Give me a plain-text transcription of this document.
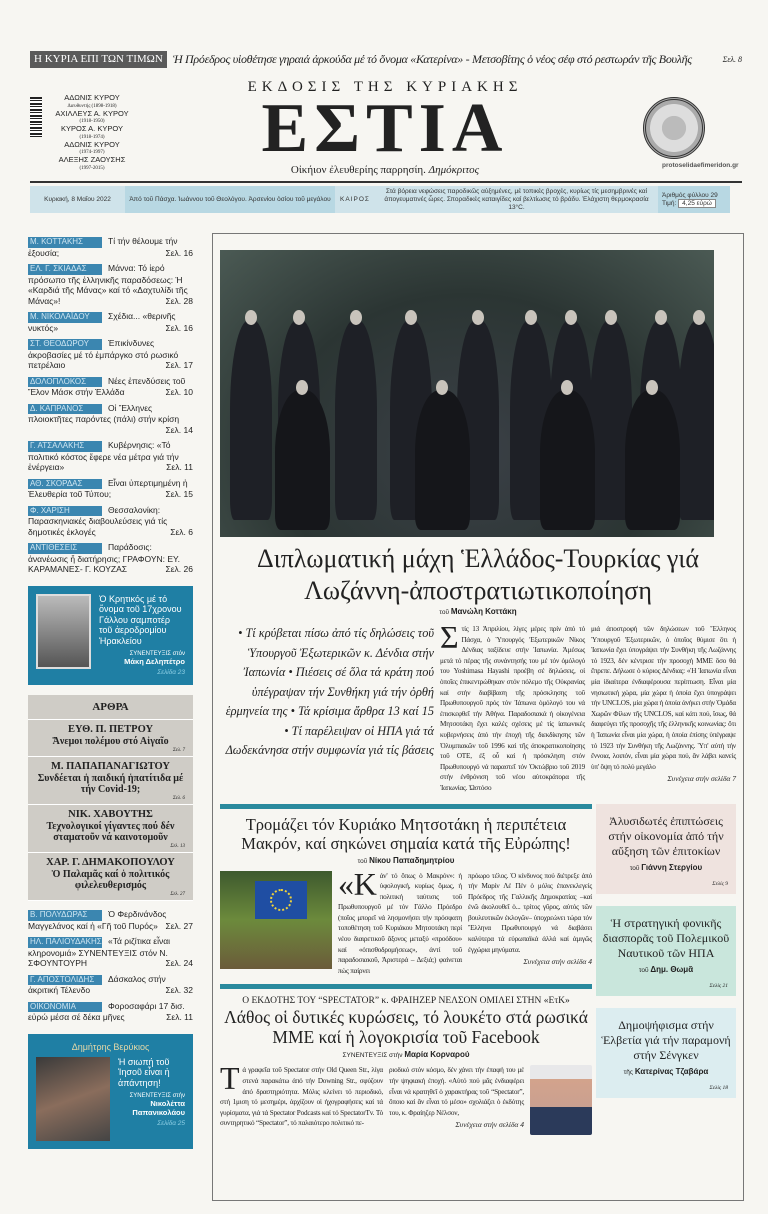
Η ΚΥΡΙΑ ΕΠΙ ΤΩΝ ΤΙΜΩΝ Ἡ Πρόεδρος υἱοθέτησε γηραιά ἀρκούδα μέ τό ὄνομα «Κατερίνα» - Μετσοβίτης ὁ νέος σέφ στό ρεστωράν τῆς Βουλῆς	Σελ. 8
ΑΔΩΝΙΣ ΚΥΡΟΥ
Διευθυντής (1898-1918)
ΑΧΙΛΛΕΥΣ Α. ΚΥΡΟΥ
(1918-1950)
ΚΥΡΟΣ Α. ΚΥΡΟΥ
(1918-1974)
ΑΔΩΝΙΣ ΚΥΡΟΥ
(1974-1997)
ΑΛΕΞΗΣ ΖΑΟΥΣΗΣ
(1997-2015)
ΕΚΔΟΣΙΣ ΤΗΣ ΚΥΡΙΑΚΗΣ
ΕΣΤΙΑ
Οἰκήιον ἐλευθερίης παρρησίη. Δημόκριτος	protoselidaefimeridon.gr
Κυριακή, 8 Μαΐου 2022	Ἀπό τοῦ Πάσχα. Ἰωάννου τοῦ Θεολόγου. Ἀρσενίου ὁσίου τοῦ μεγάλου	ΚΑΙΡΟΣ
Στά βόρεια νεφώσεις παροδικῶς αὐξημένες, μέ τοπικές βροχές, κυρίως τίς μεσημβρινές καί ἀπογευματινές ὧρες. Σποραδικές καταιγίδες καί βελτίωσις τό βράδυ. Ἐλάχιστη θερμοκρασία 13°C.
Ἀριθμός φύλλου 29
Τιμή: 4,25 εὐρώ
Μ. ΚΟΤΤΑΚΗΣ	Τί τήν θέλουμε τήν ἐξουσία;	Σελ. 16
ΕΛ. Γ. ΣΚΙΑΔΑΣ	Μάννα: Τό ἱερό πρόσωπο τῆς ἑλληνικῆς παραδόσεως: Ἡ «Καρδιά τῆς Μάνας» καί τό «Δαχτυλίδι τῆς Μάνας»!	Σελ. 28
Μ. ΝΙΚΟΛΑΪΔΟΥ Σχέδια... «θερινῆς νυκτός»	Σελ. 16
ΣΤ. ΘΕΟΔΩΡΟΥ Ἐπικίνδυνες ἀκροβασίες μέ τό ἐμπάργκο στό ρωσικό πετρέλαιο	Σελ. 17
ΔΟΛΟΠΛΟΚΟΣ	Νέες ἐπενδύσεις τοῦ Ἔλον Μάσκ στήν Ἑλλάδα	Σελ. 10
Δ. ΚΑΠΡΑΝΟΣ	Οἱ Ἕλληνες πλοιοκτῆτες παρόντες (πάλι) στήν κρίση
Σελ. 14
Γ. ΑΤΣΑΛΑΚΗΣ	Κυβέρνησις: «Τό πολιτικό κόστος ἔφερε νέα μέτρα γιά τήν ἐνέργεια»	Σελ. 11
ΑΘ. ΣΚΟΡΔΑΣ	Εἶναι ὑπερτιμημένη ἡ Ἐλευθερία τοῦ Τύπου;	Σελ. 15
Φ. ΧΑΡΙΣΗ	Θεσσαλονίκη: Παρασκηνιακές διαβουλεύσεις γιά τίς δημοτικές ἐκλογές	Σελ. 6
ΑΝΤΙΘΕΣΕΙΣ	Παράδοσις: ἀνανέωσις ἤ διατήρησις; ΓΡΑΦΟΥΝ: ΕΥ. ΚΑΡΑΜΑΝΕΣ- Γ. ΚΟΥΖΑΣ	Σελ. 26
Ὁ Κρητικός μέ τό ὄνομα τοῦ 17χρονου Γάλλου σαμποτέρ τοῦ ἀεροδρομίου Ἡρακλείου
ΣΥΝΕΝΤΕΥΞΙΣ στόν
Μάκη Δεληπέτρο
Σελίδα 23
ΑΡΘΡΑ
ΕΥΘ. Π. ΠΕΤΡΟΥ
Ἄνεμοι πολέμου στό Αἰγαῖο
Σελ. 7
Μ. ΠΑΠΑΠΑΝΑΓΙΩΤΟΥ
Συνδέεται ἡ παιδική ἡπατίτιδα μέ τήν Covid-19;
Σελ. 6
ΝΙΚ. ΧΑΒΟΥΤΗΣ
Τεχνολογικοί γίγαντες πού δέν σταματοῦν νά καινοτομοῦν
Σελ. 13
ΧΑΡ. Γ. ΔΗΜΑΚΟΠΟΥΛΟΥ
Ὁ Παλαμᾶς καί ὁ πολιτικός φιλελευθερισμός
Σελ. 27
Β. ΠΟΛΥΔΩΡΑΣ Ὁ Φερδινάνδος Μαγγελάνος καί ἡ «Γῆ τοῦ Πυρός» Σελ. 27
ΗΛ. ΠΑΛΙΟΥΔΑΚΗΣ «Τά ριζίτικα εἶναι κληρονομιά» ΣΥΝΕΝΤΕΥΞΙΣ στόν Ν. ΣΦΟΥΝΤΟΥΡΗ	Σελ. 24
Γ. ΑΠΟΣΤΟΛΙΔΗΣ Δάσκαλος στήν ἀκριτική Τέλενδο	Σελ. 32
ΟΙΚΟΝΟΜΙΑ	Φοροσαφάρι 17 δισ. εὐρώ μέσα σέ δέκα μῆνες	Σελ. 11
Δημήτρης Βερύκιος
Ἡ σιωπή τοῦ Ἰησοῦ εἶναι ἡ ἀπάντηση!
ΣΥΝΕΝΤΕΥΞΙΣ στήν
Νικολέττα Παπανικολάου
Σελίδα 25
Διπλωματική μάχη Ἑλλάδος-Τουρκίας γιά Λωζάννη-ἀποστρατιωτικοποίηση
τοῦ Μανώλη Κοττάκη
• Τί κρύβεται πίσω ἀπό τίς δηλώσεις τοῦ Ὑπουργοῦ Ἐξωτερικῶν κ. Δένδια στήν Ἰαπωνία • Πιέσεις σέ ὅλα τά κράτη πού ὑπέγραψαν τήν Συνθήκη γιά τήν ὀρθή ἑρμηνεία της • Τά κρίσιμα ἄρθρα 13 καί 15 • Τί παρέλειψαν οἱ ΗΠΑ γιά τά Δωδεκάνησα στήν συμφωνία γιά τίς βάσεις
Στίς 13 Ἀπριλίου, λίγες μέρες πρίν ἀπό τό Πάσχα, ὁ Ὑπουργός Ἐξωτερικῶν Νίκος Δένδιας ταξίδευε στήν Ἰαπωνία. Ἀμέσως μετά τό πέρας τῆς συνάντησής του μέ τόν ὁμόλογό του Yoshimasa Hayashi προέβη σέ δηλώσεις, οἱ ὁποῖες ἐπικεντρώθηκαν στόν πόλεμο τῆς Οὐκρανίας καί στήν διαβίβαση τῆς πρόσκλησης τοῦ Πρωθυπουργοῦ πρός τόν Ἰάπωνα ὁμόλογό του νά ἐπισκεφθεῖ τήν Ἀθήνα. Παραδοσιακά ἡ οἰκογένεια Μητσοτάκη ἔχει καλές σχέσεις μέ τίς ἰαπωνικές κυβερνήσεις ἀπό τήν ἐποχή τῆς διεκδίκησης τῶν Ὀλυμπιακῶν τοῦ 1996 καί τῆς ἀποκρατικοποίησης τοῦ ΟΤΕ, ἐξ οὗ καί ἡ πρόσκληση στόν Πρωθυπουργό νά παραστεῖ τόν Ὀκτώβριο τοῦ 2019 στήν ἐνθρόνιση τοῦ νέου αὐτοκράτορα τῆς Ἰαπωνίας. Ὡστόσο
μιά ἀποστροφή τῶν δηλώσεων τοῦ Ἕλληνος Ὑπουργοῦ Ἐξωτερικῶν, ὁ ὁποῖος θύμισε ὅτι ἡ Ἰαπωνία ἔχει ὑπογράψει τήν Συνθήκη τῆς Λωζάννης τό 1923, δέν κέντρισε τήν προσοχή ΜΜΕ ὅσο θά ἔπρεπε. Δήλωσε ὁ κύριος Δένδιας: «Ἡ Ἰαπωνία εἶναι μία ἰδιαίτερα ἐνδιαφέρουσα περίπτωση. Εἶναι μία νησιωτική χώρα, μία χώρα ἡ ὁποία ἔχει ὑπογράψει τήν UNCLOS, μία χώρα ἡ ὁποία ἀνήκει στήν Ὁμάδα Χωρῶν Φίλων τῆς UNCLOS, καί κάτι πού, ἴσως, θά διαφεύγει τῆς προσοχῆς τῆς ἑλληνικῆς κοινωνίας: ὅτι ἡ Ἰαπωνία εἶναι μία χώρα, ἡ ὁποία ἐπίσης ὑπέγραψε τό 1923 τήν Συνθήκη τῆς Λωζάννης. Ὑπ' αὐτή τήν ἔννοια, λοιπόν, εἶναι μία χώρα πού, ἄν λάβει κανείς ὑπ' ὄψη τό πολύ μεγάλο
Συνέχεια στήν σελίδα 7
Τρομάζει τόν Κυριάκο Μητσοτάκη ἡ περιπέτεια Μακρόν, καί σηκώνει σημαία κατά τῆς Εὐρώπης!
τοῦ Νίκου Παπαδημητρίου
«Κάν' τό ὅπως ὁ Μακρόν»: ἡ ὑφολογική, κυρίως ὅμως, ἡ πολιτική ταύτισις τοῦ Πρωθυπουργοῦ μέ τόν Γάλλο Πρόεδρο (ποῖος μπορεῖ νά λησμονήσει τήν πρόσφατη τοποθέτηση τοῦ Κυριάκου Μητσοτάκη περί νέου διαιρετικοῦ ἄξονος μεταξύ «προόδου» καί «ὀπισθοδρομήσεως», ἀντί τοῦ παραδοσιακοῦ, Ἀριστερά – Δεξιά;) φαίνεται πώς παίρνει
πρόωρο τέλος. Ὁ κίνδυνος πού διέτρεξε ἀπό τήν Μαρίν Λέ Πέν ὁ μόλις ἐπανεκλεγείς Πρόεδρος τῆς Γαλλικῆς Δημοκρατίας –καί ἐνῶ ἀκολουθεῖ ὁ... τρίτος γῦρος, αὐτός τῶν βουλευτικῶν ἐκλογῶν– ὑποχρεώνει τώρα τόν Ἕλληνα Πρωθυπουργό νά διαβάσει καλύτερα τά εὐρωπαϊκά ἀλλά καί ἀμιγῶς ἐγχώρια μηνύματα.
Συνέχεια στήν σελίδα 4
Ο ΕΚΔΟΤΗΣ ΤΟΥ “SPECTATOR” κ. ΦΡΑΙΗΖΕΡ ΝΕΛΣΟΝ ΟΜΙΛΕΙ ΣΤΗΝ «ΕτΚ»
Λάθος οἱ δυτικές κυρώσεις, τό λουκέτο στά ρωσικά ΜΜΕ καί ἡ λογοκρισία τοῦ Facebook
ΣΥΝΕΝΤΕΥΞΙΣ στήν Μαρία Κορναρού
Τά γραφεῖα τοῦ Spectator στήν Old Queen Str., λίγα στενά παρακάτω ἀπό τήν Downing Str., σφύζουν ἀπό δραστηριότητα. Μόλις κλείνει τό περιοδικό, στή 1μιση τό μεσημέρι, ἀρχίζουν οἱ ἠχογραφήσεις καί τά γυρίσματα, γιά τά Spectator Podcasts καί τό SpectatorTv. Τό συντηρητικό “Spectator”, τό παλαιότερο πολιτικό πε-
ριοδικό στόν κόσμο, δέν χάνει τήν ἐπαφή του μέ τήν ψηφιακή ἐποχή. «Αὐτό πού μᾶς ἐνδιαφέρει εἶναι νά κρατηθεῖ ὁ χαρακτήρας τοῦ “Spectator”, ὅποιο καί ἄν εἶναι τό μέσο» σχολιάζει ὁ ἐκδότης του, κ. Φραίηζερ Νέλσον,
Συνέχεια στήν σελίδα 4
Ἀλυσιδωτές ἐπιπτώσεις στήν οἰκονομία ἀπό τήν αὔξηση τῶν ἐπιτοκίων
τοῦ Γιάννη Στεργίου
Σελίς 9
Ἡ στρατηγική φονικῆς διασπορᾶς τοῦ Πολεμικοῦ Ναυτικοῦ τῶν ΗΠΑ
τοῦ Δημ. Θωμᾶ
Σελίς 21
Δημοψήφισμα στήν Ἑλβετία γιά τήν παραμονή στήν Σένγκεν
τῆς Κατερίνας Τζαβάρα
Σελίς 18
